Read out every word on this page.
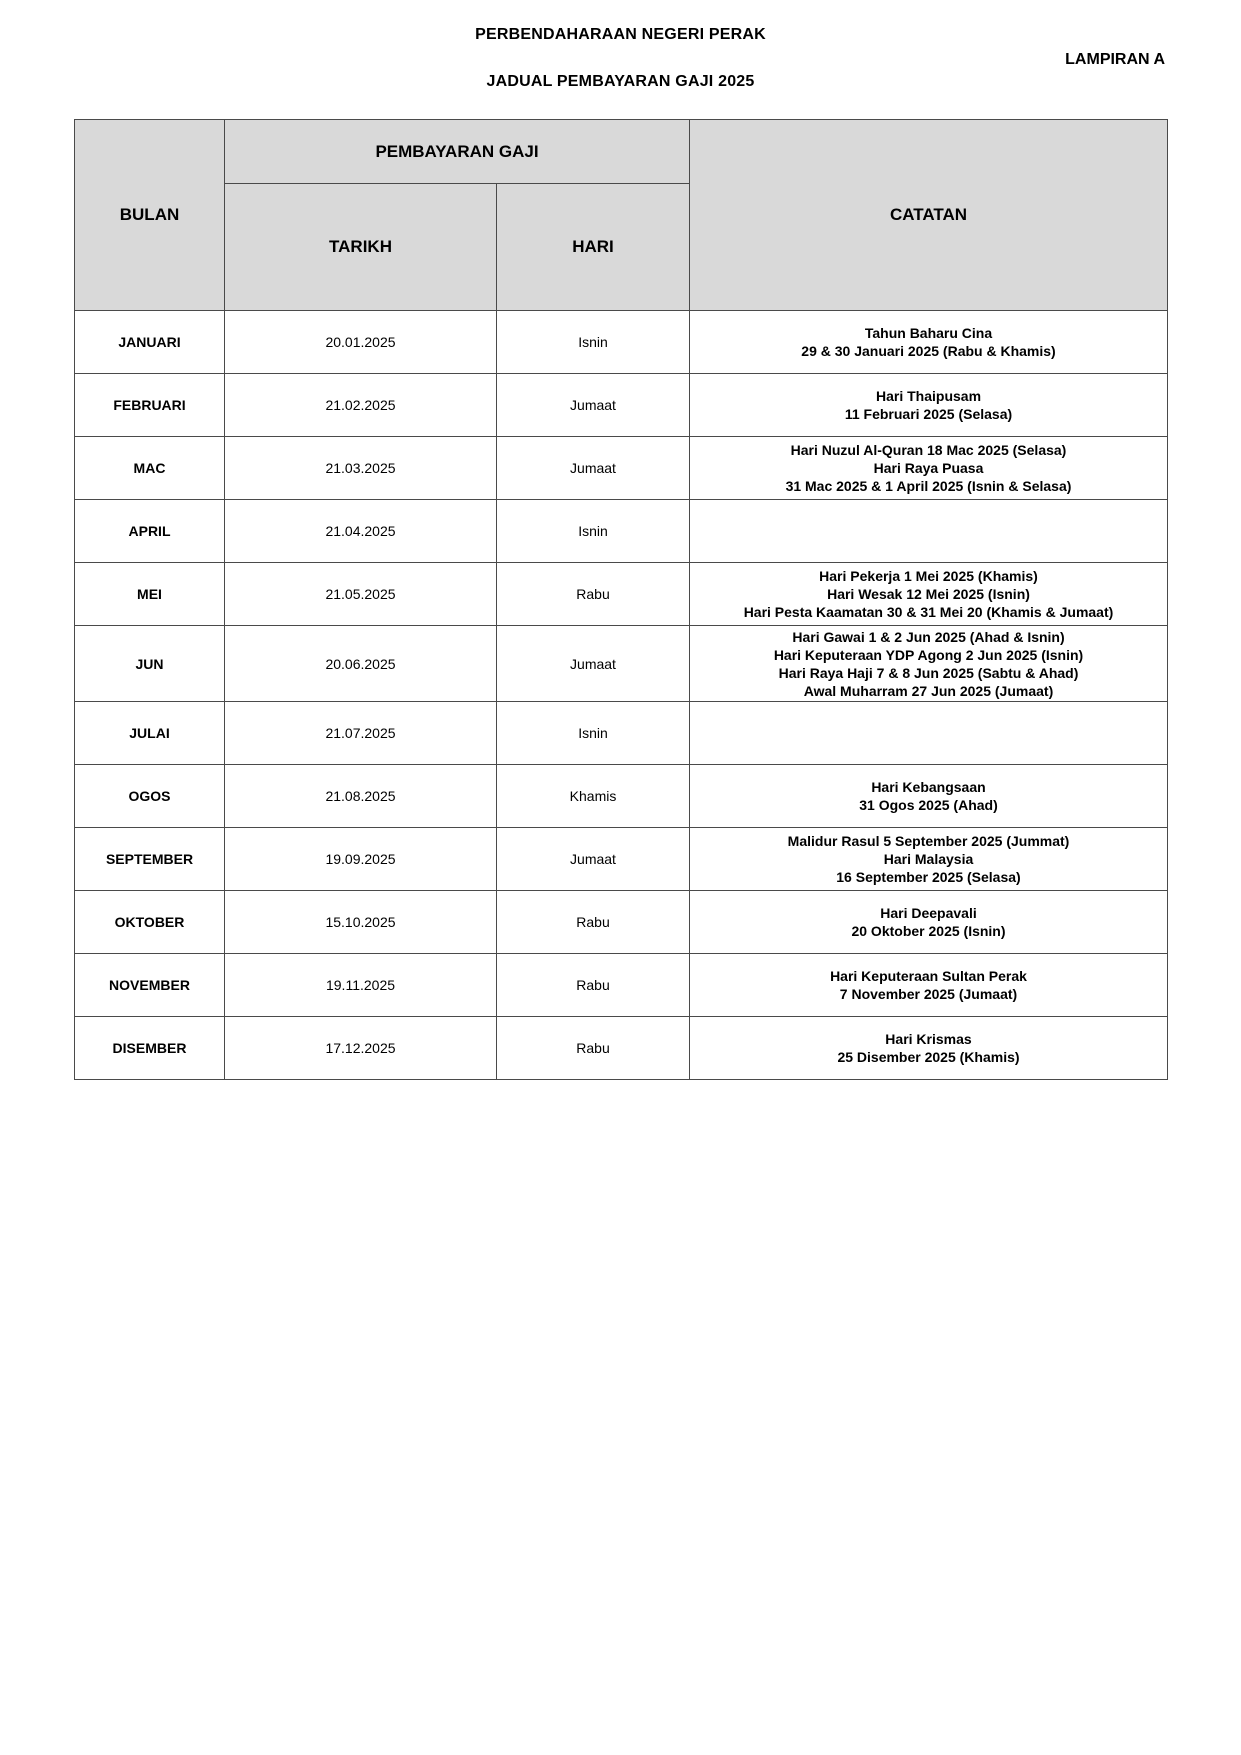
PERBENDAHARAAN NEGERI PERAK
LAMPIRAN A
JADUAL PEMBAYARAN GAJI 2025
BULAN	PEMBAYARAN GAJI		CATATAN
	TARIKH	HARI	
JANUARI	20.01.2025	Isnin	Tahun Baharu Cina
29 & 30 Januari 2025 (Rabu & Khamis)

FEBRUARI	21.02.2025	Jumaat	Hari Thaipusam
11 Februari 2025 (Selasa)

MAC	21.03.2025	Jumaat	Hari Nuzul Al-Quran 18 Mac 2025 (Selasa)
Hari Raya Puasa
31 Mac 2025 & 1 April 2025 (Isnin & Selasa)

APRIL	21.04.2025	Isnin	
MEI	21.05.2025	Rabu	Hari Pekerja 1 Mei 2025 (Khamis)
Hari Wesak 12 Mei 2025 (Isnin)
Hari Pesta Kaamatan 30 & 31 Mei 20 (Khamis & Jumaat)

JUN	20.06.2025	Jumaat	Hari Gawai 1 & 2 Jun 2025 (Ahad & Isnin)
Hari Keputeraan YDP Agong 2 Jun 2025 (Isnin)
Hari Raya Haji 7 & 8 Jun 2025 (Sabtu & Ahad)
Awal Muharram 27 Jun 2025 (Jumaat)

JULAI	21.07.2025	Isnin	
OGOS	21.08.2025	Khamis	Hari Kebangsaan
31 Ogos 2025 (Ahad)

SEPTEMBER	19.09.2025	Jumaat	Malidur Rasul 5 September 2025 (Jummat)
Hari Malaysia
16 September 2025 (Selasa)

OKTOBER	15.10.2025	Rabu	Hari Deepavali
20 Oktober 2025 (Isnin)

NOVEMBER	19.11.2025	Rabu	Hari Keputeraan Sultan Perak
7 November 2025 (Jumaat)

DISEMBER	17.12.2025	Rabu	Hari Krismas
25 Disember 2025 (Khamis)
